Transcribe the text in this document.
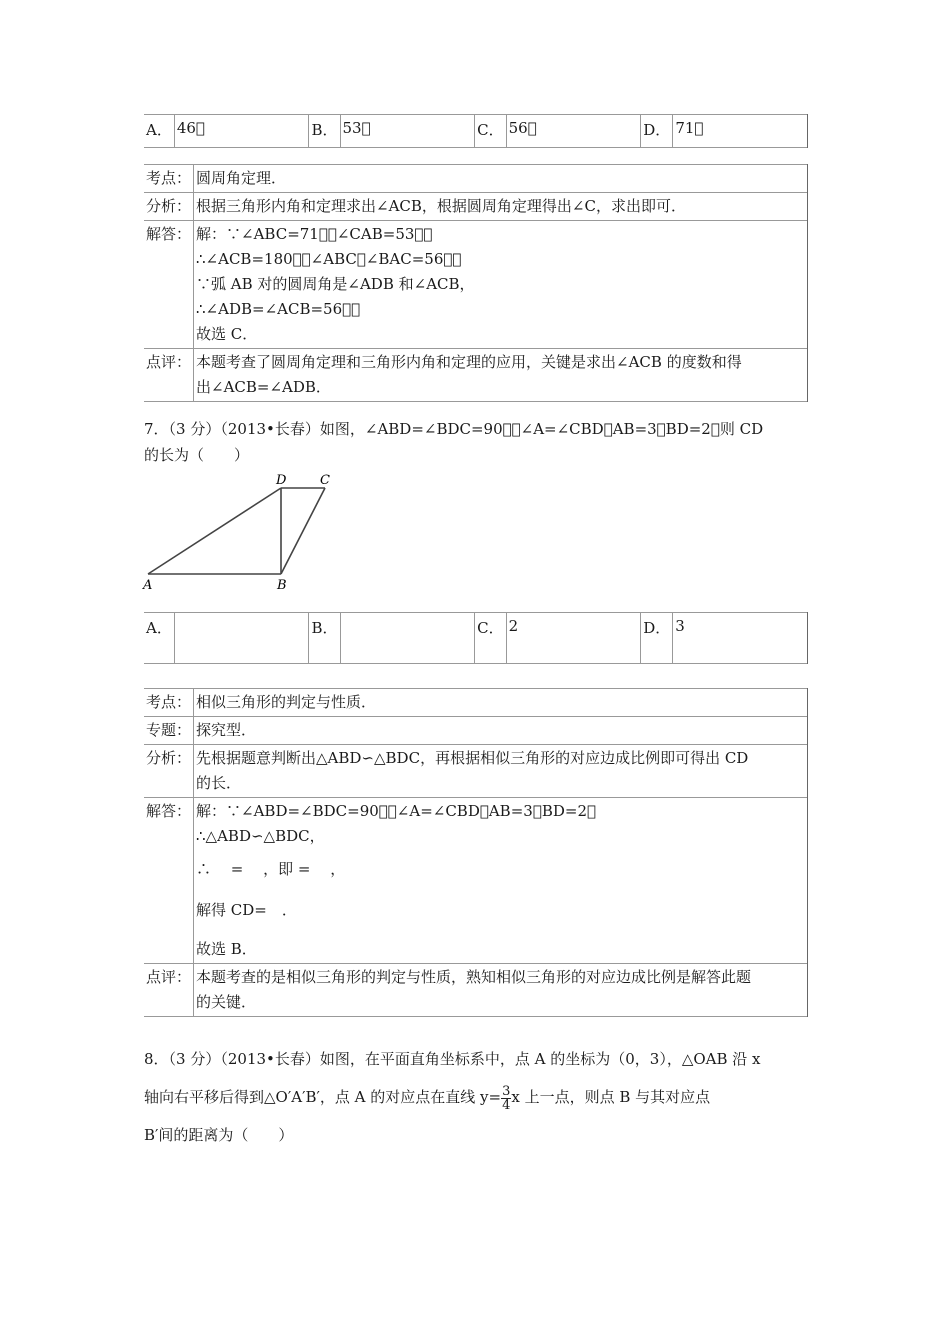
A．	46 	B．	53 	C．	56 	D．	71 	
考点：	圆周角定理．
分析：	根据三角形内角和定理求出∠ACB，根据圆周角定理得出∠C，求出即可．
解答：	解：∵∠ABC=71 ，∠CAB=53 ，
∴∠ACB=180 ﹣∠ABC﹣∠BAC=56 ，
∵弧 AB 对的圆周角是∠ADB 和∠ACB，
∴∠ADB=∠ACB=56 ，
故选 C．

点评：	本题考查了圆周角定理和三角形内角和定理的应用，关键是求出∠ACB 的度数和得
出∠ACB=∠ADB．
7．（3 分）（2013•长春）如图，∠ABD=∠BDC=90 ，∠A=∠CBD，AB=3，BD=2，则 CD
的长为（　　）
A	B
C
D
A．		B．		C．	2	D．	3	
考点：	相似三角形的判定与性质．
专题：	探究型．
分析：	先根据题意判断出△ABD∽△BDC，再根据相似三角形的对应边成比例即可得出 CD
的长．

解答：	解：∵∠ABD=∠BDC=90 ，∠A=∠CBD，AB=3，BD=2，
∴△ABD∽△BDC，
∴　 =　 ，即 =　 ，
解得 CD=　．
故选 B．

点评：	本题考查的是相似三角形的判定与性质，熟知相似三角形的对应边成比例是解答此题
的关键．
8．（3 分）（2013•长春）如图，在平面直角坐标系中，点 A 的坐标为（0，3），△OAB 沿 x
轴向右平移后得到△O′A′B′，点 A 的对应点在直线 $y= \frac{3}{4}$ x 上一点，则点 B 与其对应点
B′间的距离为（　　）
